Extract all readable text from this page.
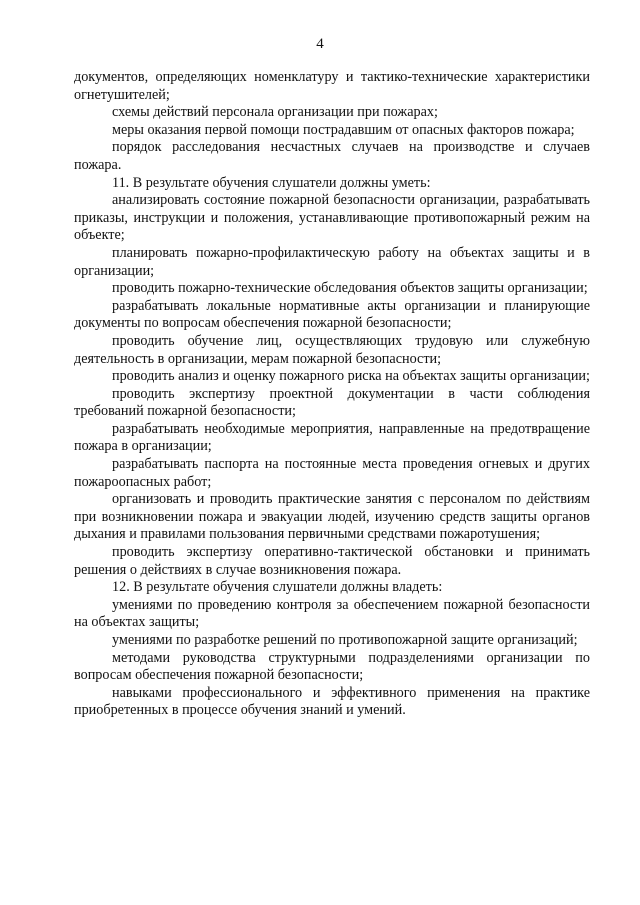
4

документов, определяющих номенклатуру и тактико-технические характеристики огнетушителей;

схемы действий персонала организации при пожарах;

меры оказания первой помощи пострадавшим от опасных факторов пожара;

порядок расследования несчастных случаев на производстве и случаев пожара.

11. В результате обучения слушатели должны уметь:

анализировать состояние пожарной безопасности организации, разрабатывать приказы, инструкции и положения, устанавливающие противопожарный режим на объекте;

планировать пожарно-профилактическую работу на объектах защиты и в организации;

проводить пожарно-технические обследования объектов защиты организации;

разрабатывать локальные нормативные акты организации и планирующие документы по вопросам обеспечения пожарной безопасности;

проводить обучение лиц, осуществляющих трудовую или служебную деятельность в организации, мерам пожарной безопасности;

проводить анализ и оценку пожарного риска на объектах защиты организации;

проводить экспертизу проектной документации в части соблюдения требований пожарной безопасности;

разрабатывать необходимые мероприятия, направленные на предотвращение пожара в организации;

разрабатывать паспорта на постоянные места проведения огневых и других пожароопасных работ;

организовать и проводить практические занятия с персоналом по действиям при возникновении пожара и эвакуации людей, изучению средств защиты органов дыхания и правилами пользования первичными средствами пожаротушения;

проводить экспертизу оперативно-тактической обстановки и принимать решения о действиях в случае возникновения пожара.

12. В результате обучения слушатели должны владеть:

умениями по проведению контроля за обеспечением пожарной безопасности на объектах защиты;

умениями по разработке решений по противопожарной защите организаций;

методами руководства структурными подразделениями организации по вопросам обеспечения пожарной безопасности;

навыками профессионального и эффективного применения на практике приобретенных в процессе обучения знаний и умений.
